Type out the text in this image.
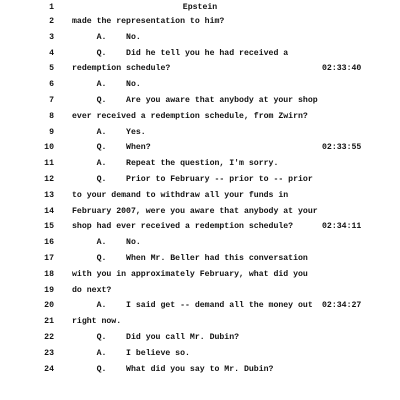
1	Epstein
2 made the representation to him?
3 A.    No.
4 Q.    Did he tell you he had received a
5 redemption schedule?	02:33:40
6 A.    No.
7 Q.    Are you aware that anybody at your shop
8 ever received a redemption schedule, from Zwirn?
9 A.    Yes.
10 Q.    When?	02:33:55
11 A.    Repeat the question, I'm sorry.
12 Q.    Prior to February -- prior to -- prior
13 to your demand to withdraw all your funds in
14 February 2007, were you aware that anybody at your
15 shop had ever received a redemption schedule?	02:34:11
16 A.    No.
17 Q.    When Mr. Beller had this conversation
18 with you in approximately February, what did you
19 do next?
20 A.    I said get -- demand all the money out 02:34:27
21 right now.
22 Q.    Did you call Mr. Dubin?
23 A.    I believe so.
24 Q.    What did you say to Mr. Dubin?
